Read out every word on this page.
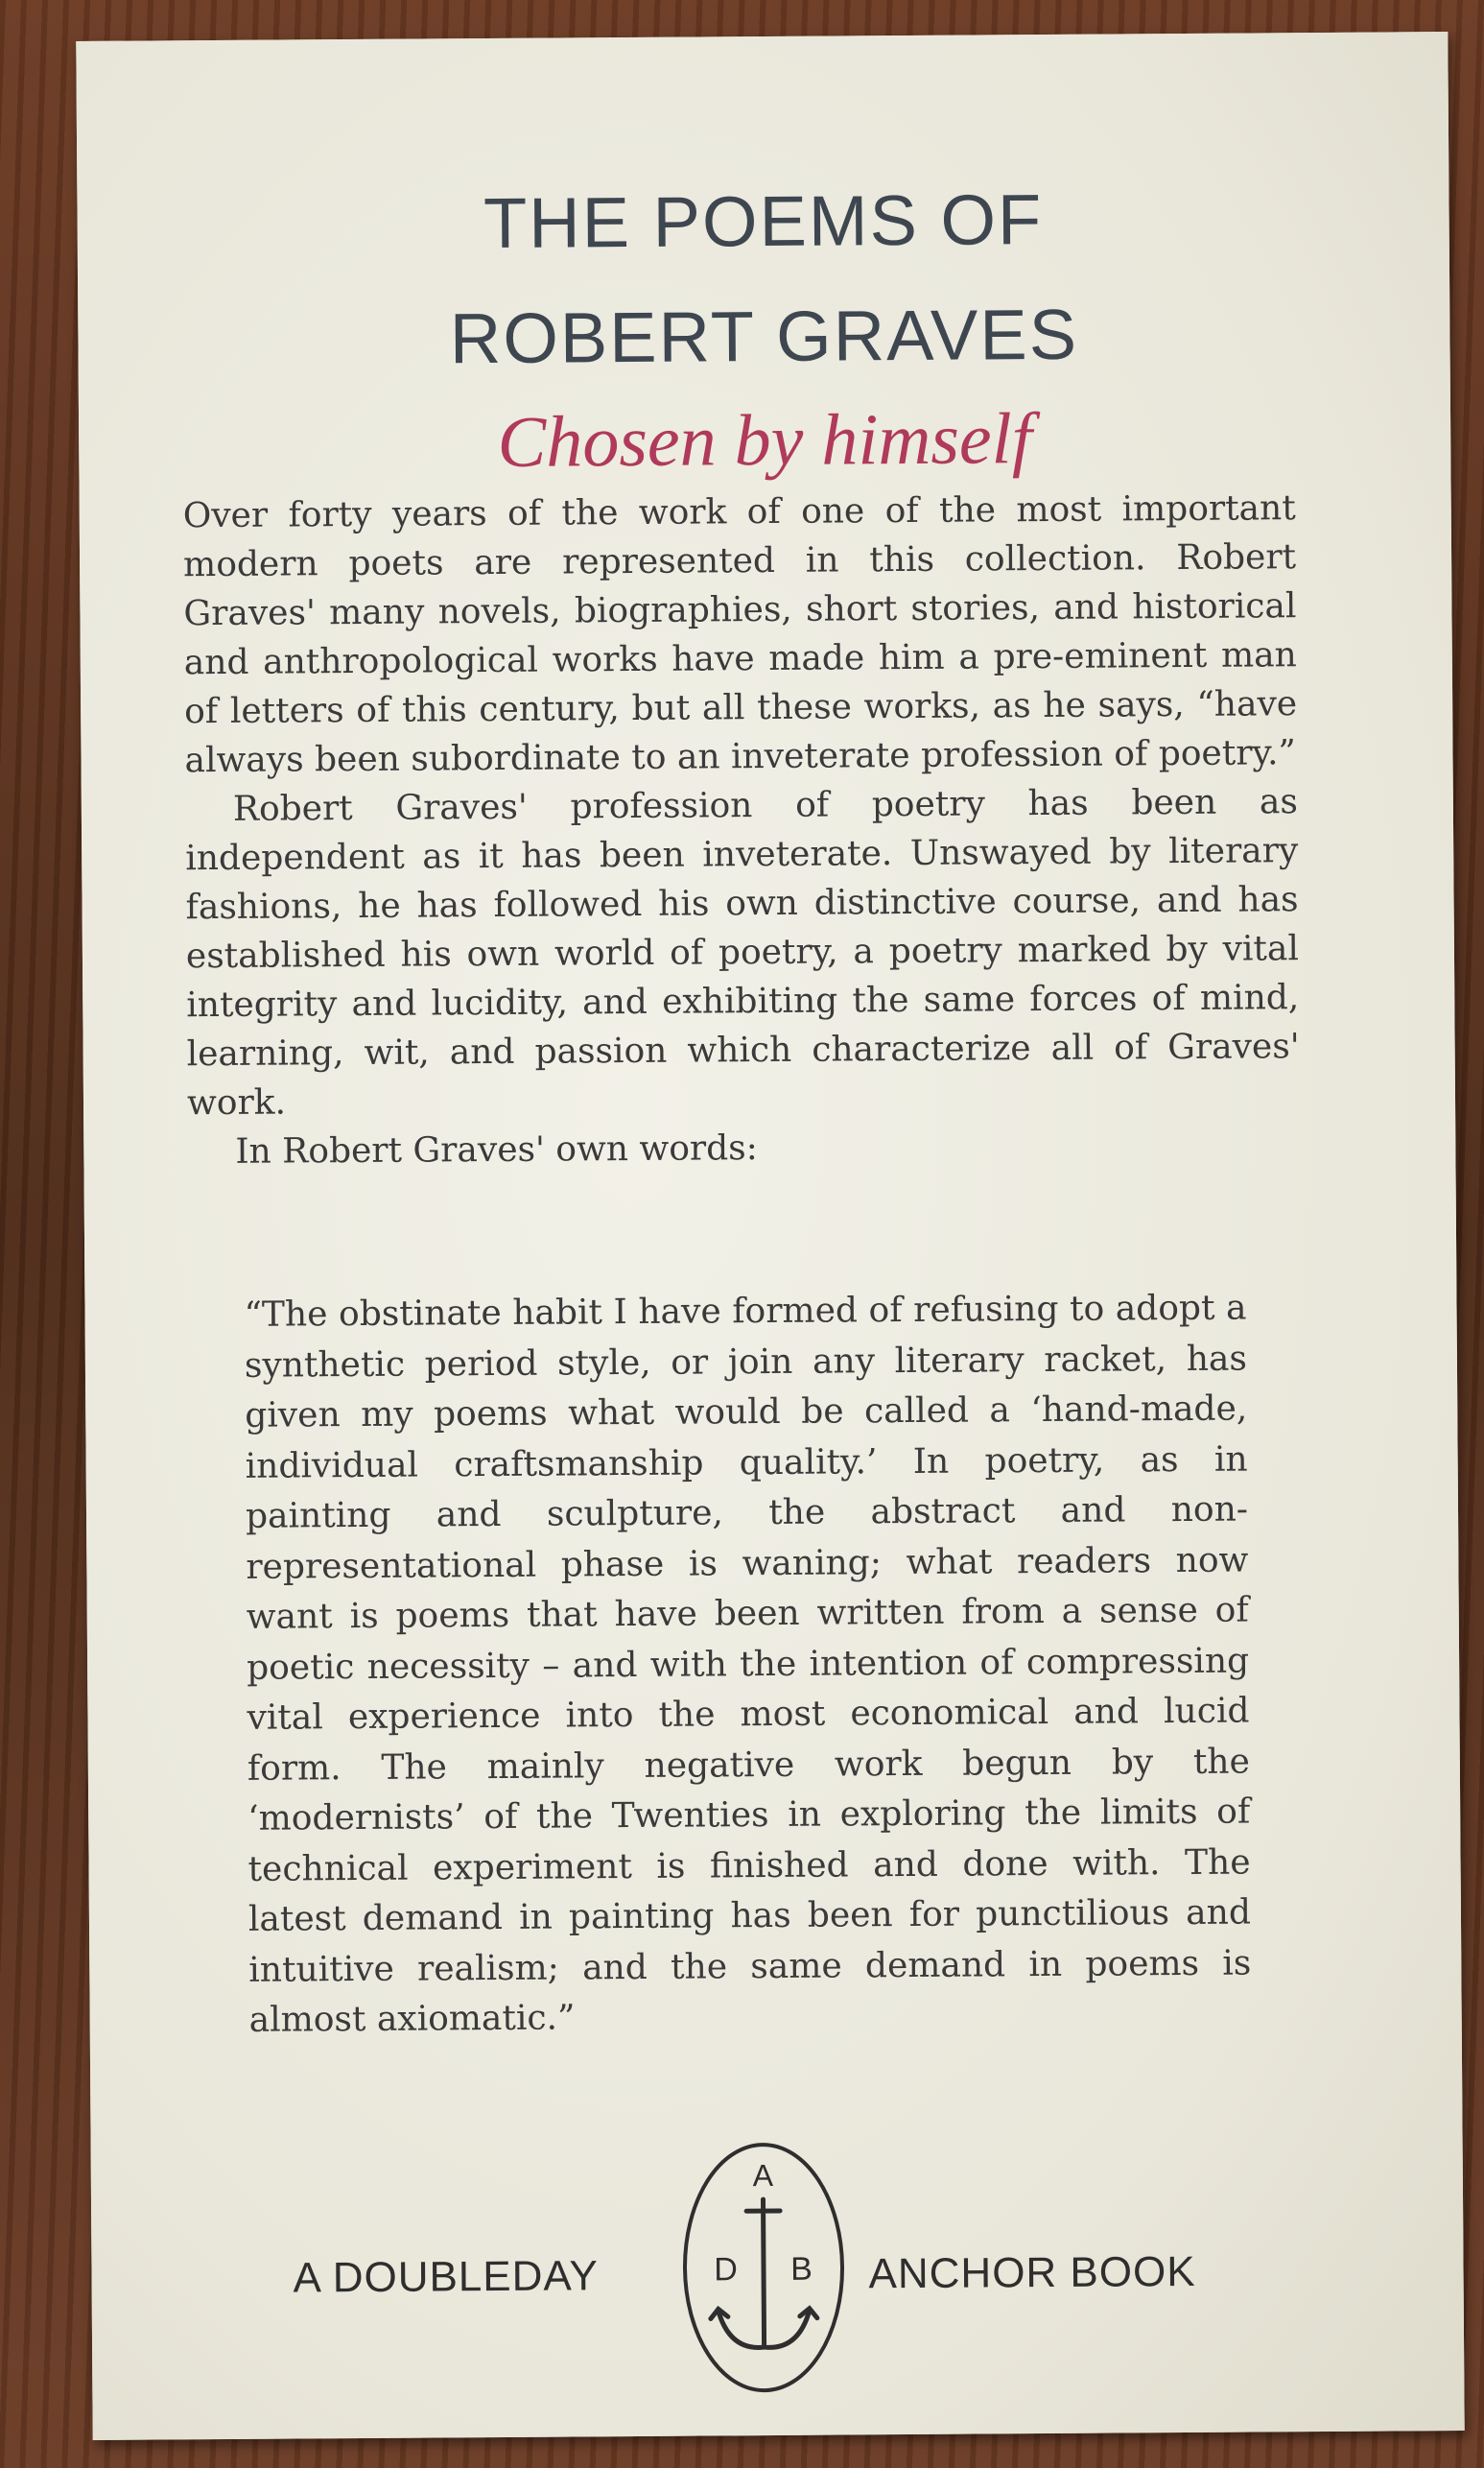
THE POEMS OF
ROBERT GRAVES
Chosen by himself

Over forty years of the work of one of the most important modern poets are represented in this collection. Robert Graves' many novels, biographies, short stories, and historical and anthropological works have made him a pre-eminent man of letters of this century, but all these works, as he says, “have always been subordinate to an inveterate profession of poetry.”

Robert Graves' profession of poetry has been as independent as it has been inveterate. Unswayed by literary fashions, he has followed his own distinctive course, and has established his own world of poetry, a poetry marked by vital integrity and lucidity, and exhibiting the same forces of mind, learning, wit, and passion which characterize all of Graves' work.

In Robert Graves' own words:

“The obstinate habit I have formed of refusing to adopt a synthetic period style, or join any literary racket, has given my poems what would be called a ‘hand-made, individual craftsmanship quality.’ In poetry, as in painting and sculpture, the abstract and non-representational phase is waning; what readers now want is poems that have been written from a sense of poetic necessity – and with the intention of compressing vital experience into the most economical and lucid form. The mainly negative work begun by the ‘modernists’ of the Twenties in exploring the limits of technical experiment is finished and done with. The latest demand in painting has been for punctilious and intuitive realism; and the same demand in poems is almost axiomatic.”
A DOUBLEDAY
A
D B ANCHOR BOOK
